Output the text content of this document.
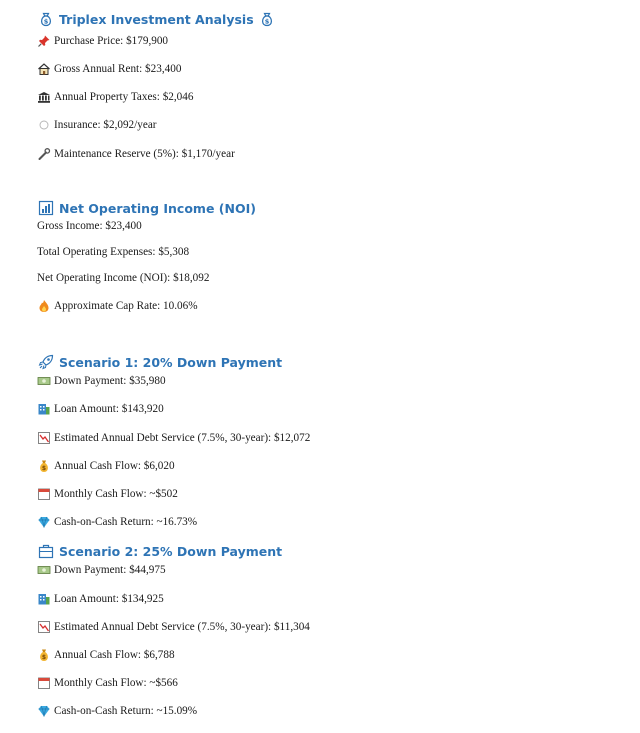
$ Triplex Investment Analysis $
Purchase Price: $179,900
Gross Annual Rent: $23,400
Annual Property Taxes: $2,046
Insurance: $2,092/year
Maintenance Reserve (5%): $1,170/year
Net Operating Income (NOI)
Gross Income: $23,400
Total Operating Expenses: $5,308
Net Operating Income (NOI): $18,092
Approximate Cap Rate: 10.06%
Scenario 1: 20% Down Payment
Down Payment: $35,980
Loan Amount: $143,920
Estimated Annual Debt Service (7.5%, 30-year): $12,072
$ Annual Cash Flow: $6,020
Monthly Cash Flow: ~$502
Cash-on-Cash Return: ~16.73%
Scenario 2: 25% Down Payment
Down Payment: $44,975
Loan Amount: $134,925
Estimated Annual Debt Service (7.5%, 30-year): $11,304
$ Annual Cash Flow: $6,788
Monthly Cash Flow: ~$566
Cash-on-Cash Return: ~15.09%
